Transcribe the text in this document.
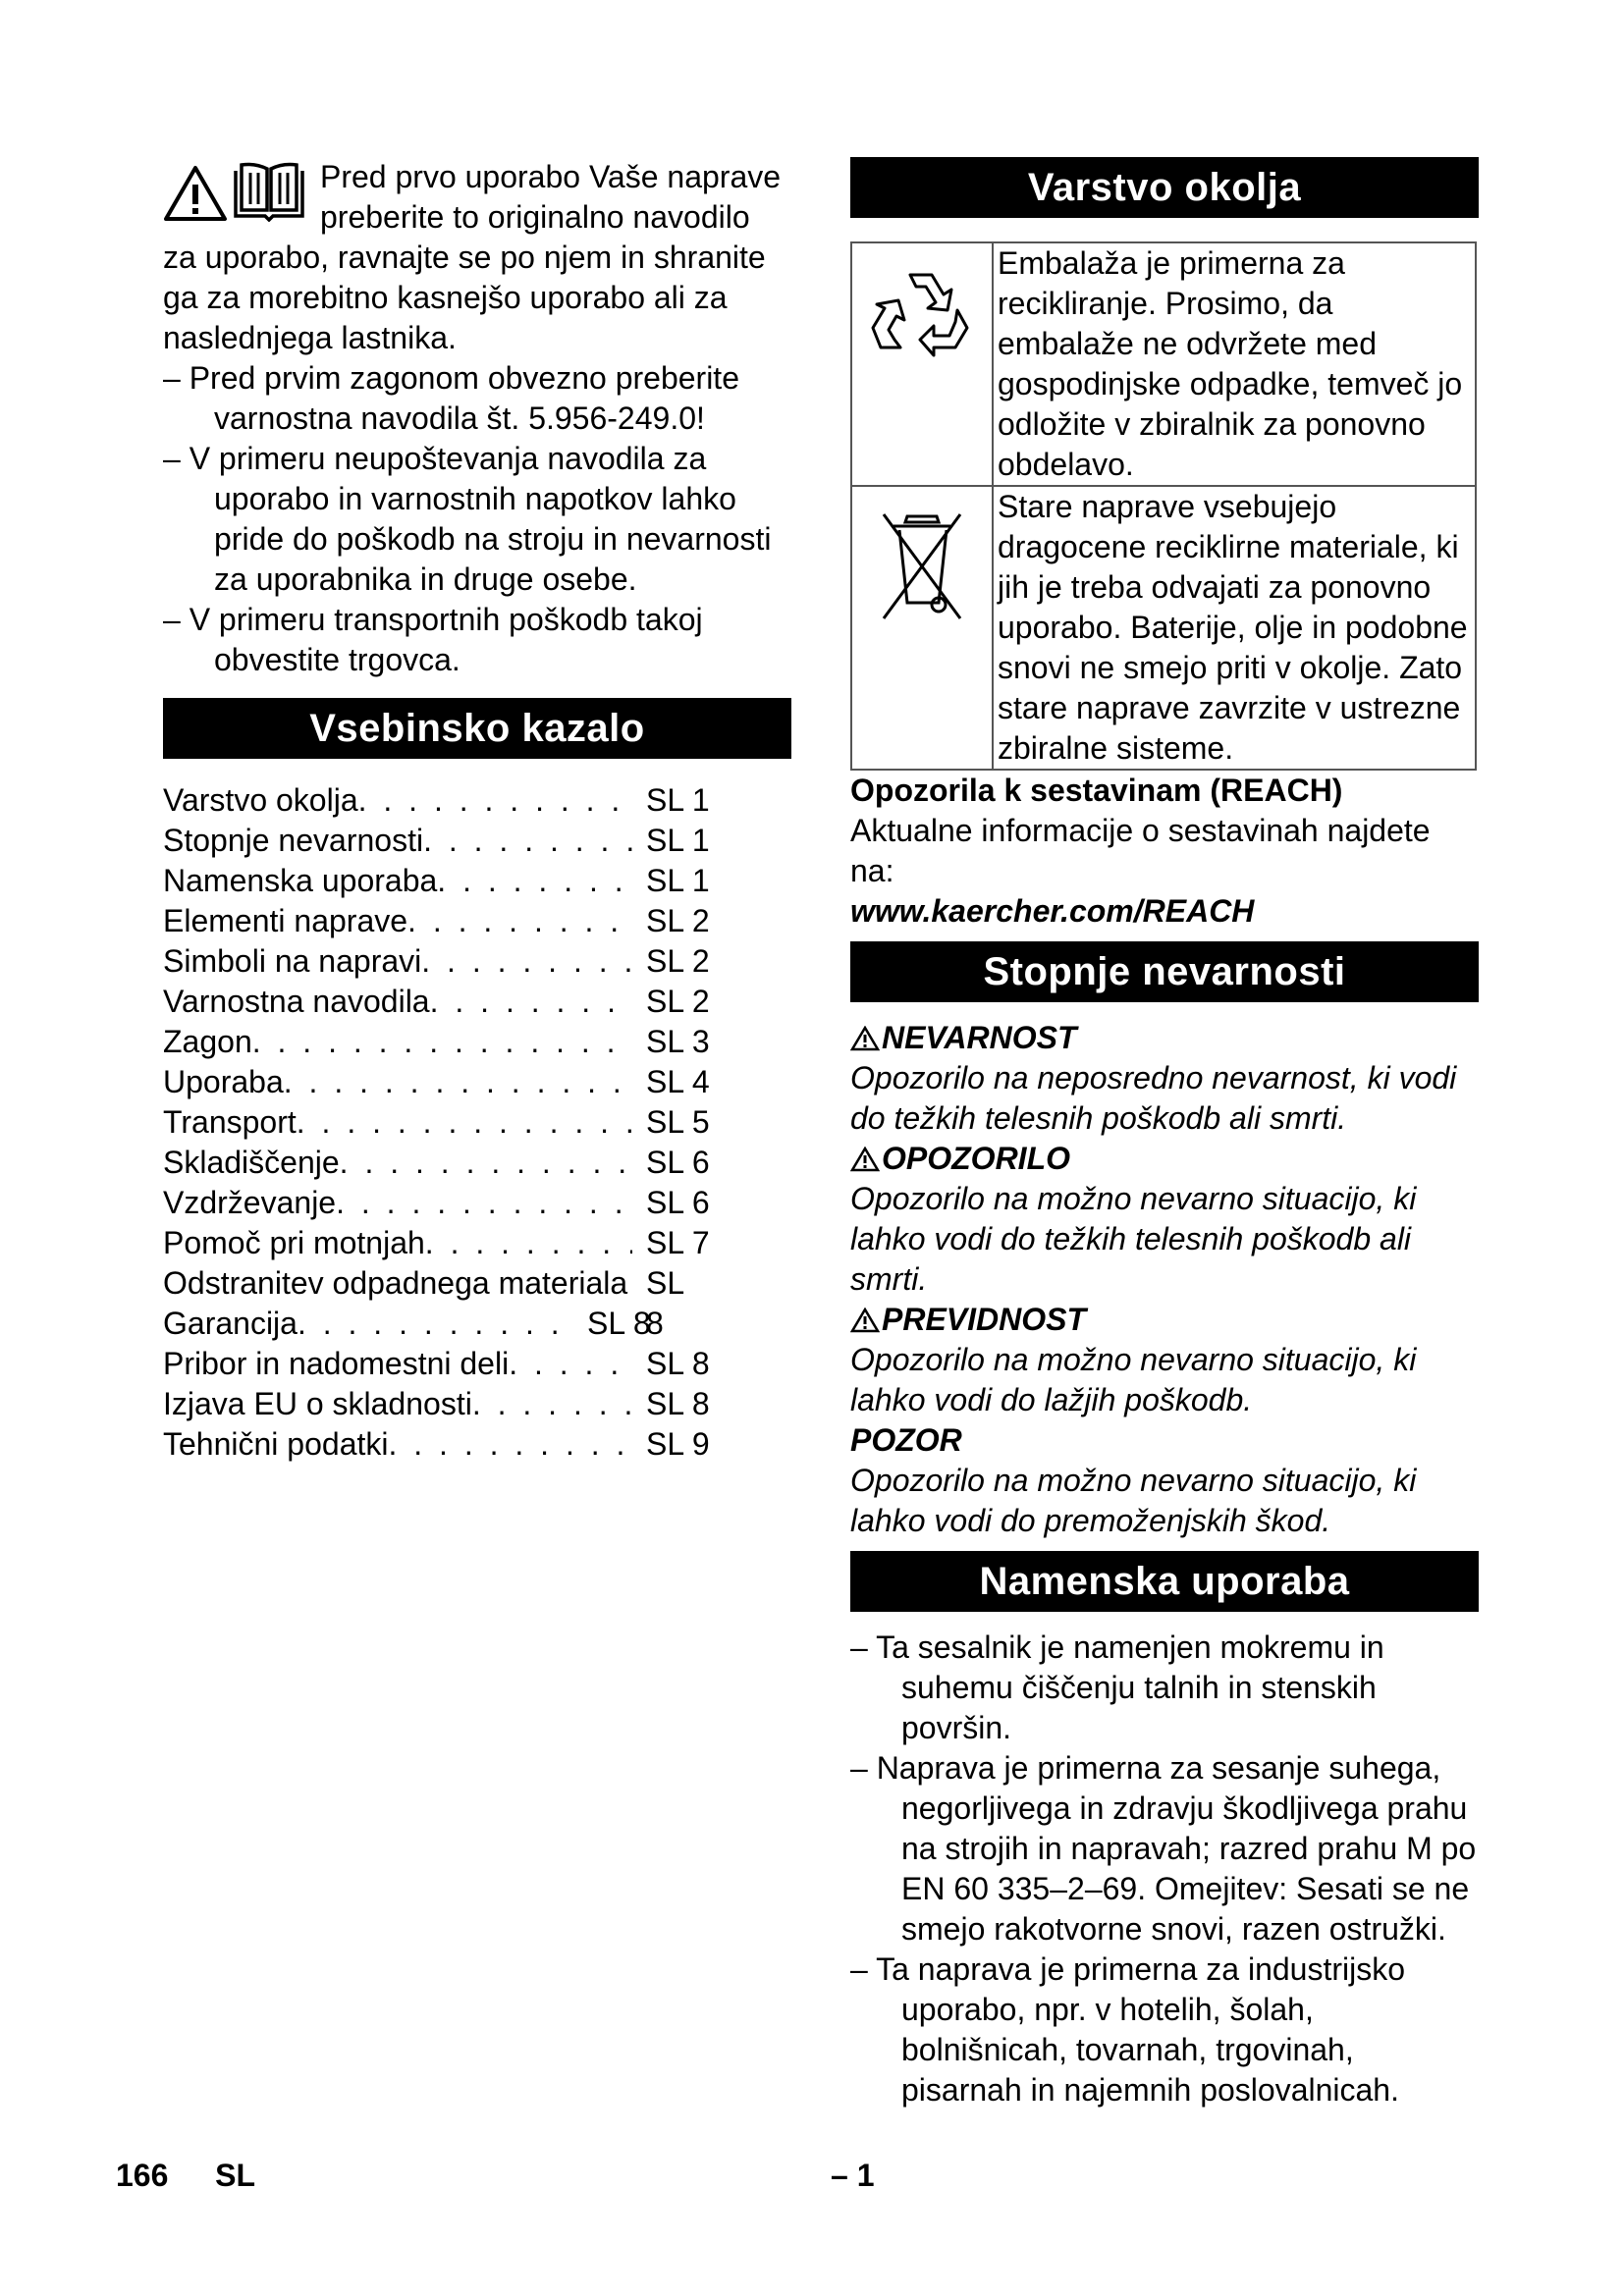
Pred prvo uporabo Vaše naprave preberite to originalno navodilo za uporabo, ravnajte se po njem in shranite ga za morebitno kasnejšo uporabo ali za naslednjega lastnika.

– Pred prvim zagonom obvezno preberite varnostna navodila št. 5.956-249.0!
– V primeru neupoštevanja navodila za uporabo in varnostnih napotkov lahko pride do poškodb na stroju in nevarnosti za uporabnika in druge osebe.
– V primeru transportnih poškodb takoj obvestite trgovca.
Vsebinsko kazalo
Varstvo okolja . . .	SL 1
Stopnje nevarnosti . . .	SL 1
Namenska uporaba . . .	SL 1
Elementi naprave . . .	SL 2
Simboli na napravi . . .	SL 2
Varnostna navodila . . .	SL 2
Zagon . . .	SL 3
Uporaba . . .	SL 4
Transport . . .	SL 5
Skladiščenje . . .	SL 6
Vzdrževanje . . .	SL 6
Pomoč pri motnjah . . .	SL 7
Odstranitev odpadnega materiala SL 8
Garancija . . .	SL 8
Pribor in nadomestni deli . . .	SL 8
Izjava EU o skladnosti . . .	SL 8
Tehnični podatki . . .	SL 9
Varstvo okolja
	Embalaža je primerna za recikliranje. Prosimo, da embalaže ne odvržete med gospodinjske odpadke, temveč jo odložite v zbiralnik za ponovno obdelavo.

	Stare naprave vsebujejo dragocene reciklirne materiale, ki jih je treba odvajati za ponovno uporabo. Baterije, olje in podobne snovi ne smejo priti v okolje. Zato stare naprave zavrzite v ustrezne zbiralne sisteme.

Opozorila k sestavinam (REACH)

Aktualne informacije o sestavinah najdete na:

www.kaercher.com/REACH

Stopnje nevarnosti

NEVARNOST

Opozorilo na neposredno nevarnost, ki vodi do težkih telesnih poškodb ali smrti.

OPOZORILO

Opozorilo na možno nevarno situacijo, ki lahko vodi do težkih telesnih poškodb ali smrti.

PREVIDNOST

Opozorilo na možno nevarno situacijo, ki lahko vodi do lažjih poškodb.

POZOR

Opozorilo na možno nevarno situacijo, ki lahko vodi do premoženjskih škod.

Namenska uporaba
– Ta sesalnik je namenjen mokremu in suhemu čiščenju talnih in stenskih površin.
– Naprava je primerna za sesanje suhega, negorljivega in zdravju škodljivega prahu na strojih in napravah; razred prahu M po EN 60 335–2–69. Omejitev: Sesati se ne smejo rakotvorne snovi, razen ostružki.
– Ta naprava je primerna za industrijsko uporabo, npr. v hotelih, šolah, bolnišnicah, tovarnah, trgovinah, pisarnah in najemnih poslovalnicah.
166 SL	– 1
